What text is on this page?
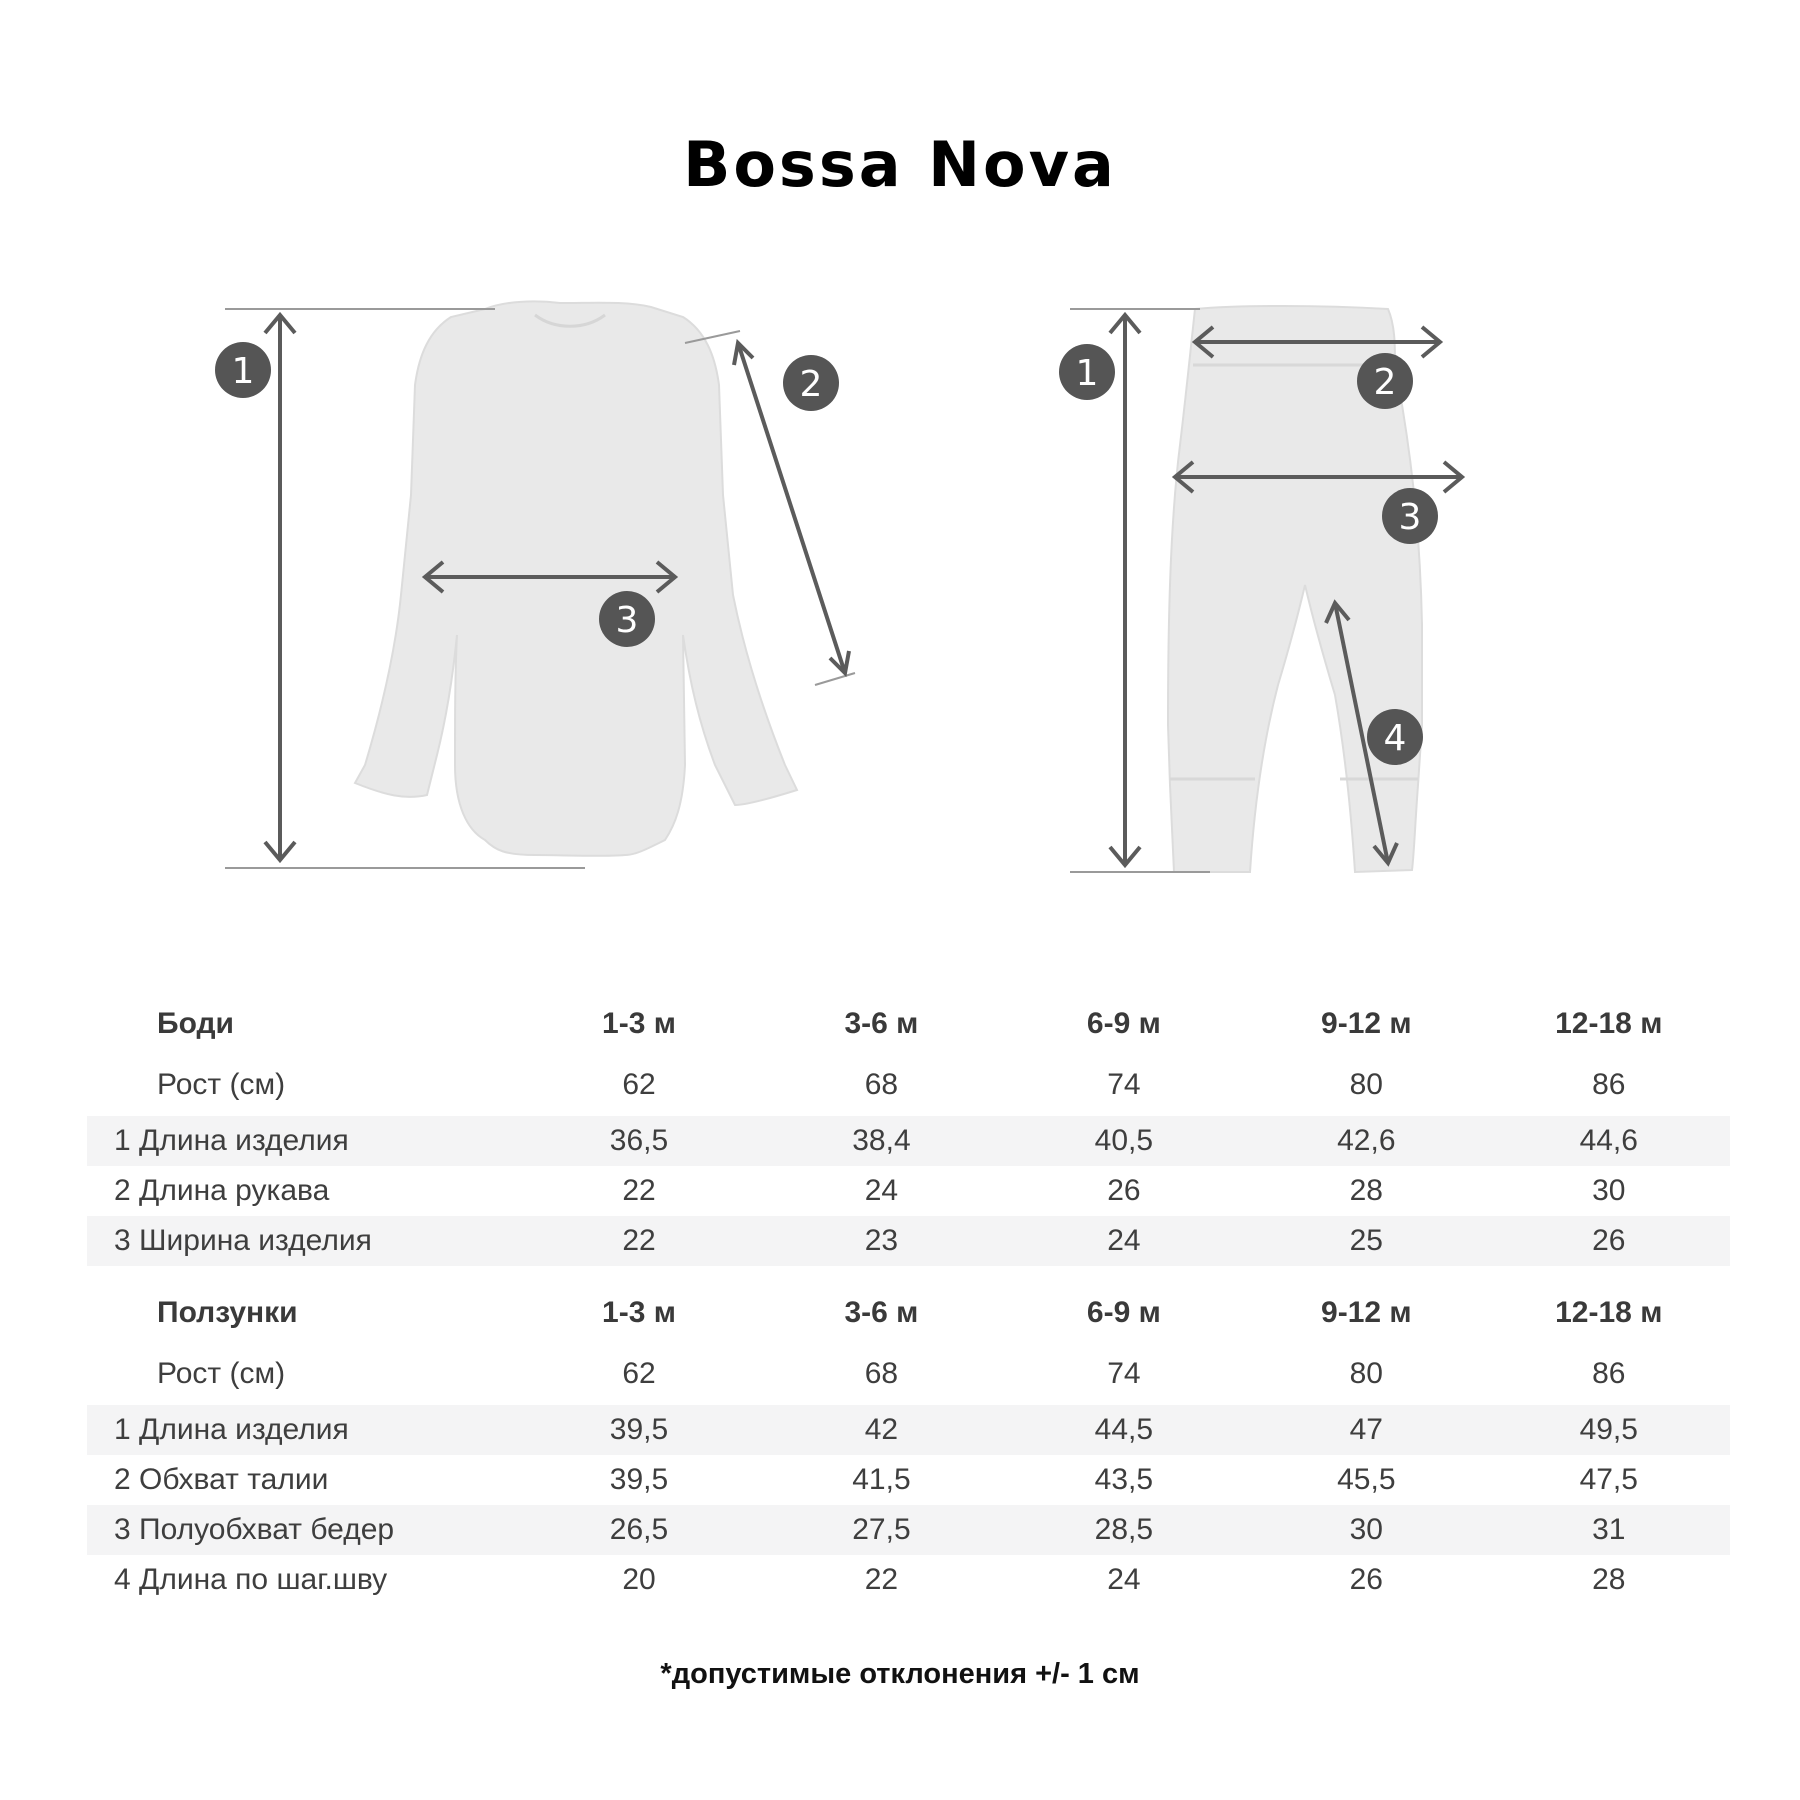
Bossa Nova
1	2
3
1	2
3
4
Боди	1-3 м	3-6 м	6-9 м	9-12 м	12-18 м
Рост (см)	62	68	74	80	86
1 Длина изделия	36,5	38,4	40,5	42,6	44,6
2 Длина рукава	22	24	26	28	30
3 Ширина изделия	22	23	24	25	26
Ползунки	1-3 м	3-6 м	6-9 м	9-12 м	12-18 м
Рост (см)	62	68	74	80	86
1 Длина изделия	39,5	42	44,5	47	49,5
2 Обхват талии	39,5	41,5	43,5	45,5	47,5
3 Полуобхват бедер	26,5	27,5	28,5	30	31
4 Длина по шаг.шву	20	22	24	26	28
*допустимые отклонения +/- 1 см
